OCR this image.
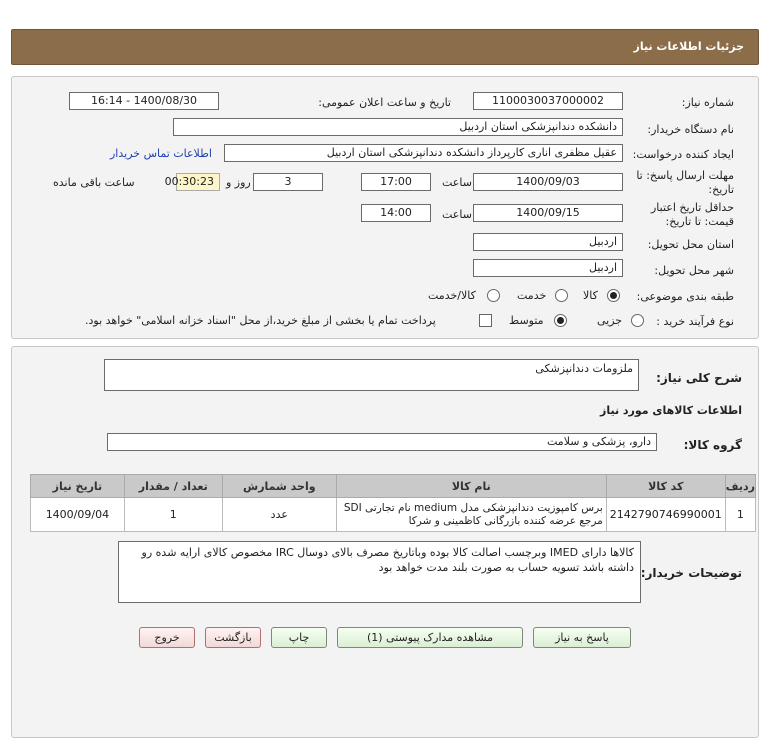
جزئیات اطلاعات نیاز
شماره نیاز:
1100030037000002
تاریخ و ساعت اعلان عمومی:
1400/08/30 - 16:14
نام دستگاه خریدار:
دانشکده دندانپزشکی استان اردبیل
ایجاد کننده درخواست:
عقیل مظفری اناری کارپرداز دانشکده دندانپزشکی استان اردبیل
اطلاعات تماس خریدار
مهلت ارسال پاسخ: تا
تاریخ:
1400/09/03
ساعت
17:00
3
روز و
00:30:23
ساعت باقی مانده
حداقل تاریخ اعتبار
قیمت: تا تاریخ:
1400/09/15
ساعت
14:00
استان محل تحویل:
اردبیل
شهر محل تحویل:
اردبیل
طبقه بندی موضوعی:
کالا
خدمت
کالا/خدمت
نوع فرآیند خرید :
جزیی
متوسط
پرداخت تمام یا بخشی از مبلغ خرید،از محل "اسناد خزانه اسلامی" خواهد بود.
شرح کلی نیاز:
ملزومات دندانپزشکی
اطلاعات کالاهای مورد نیاز
گروه کالا:
دارو، پزشکی و سلامت
ردیف	کد کالا	نام کالا	واحد شمارش	تعداد / مقدار	تاریخ نیاز
1	2142790746990001	برس کامپوزیت دندانپزشکی مدل medium نام تجارتی SDI مرجع عرضه کننده بازرگانی کاظمینی و شرکا	عدد	1	1400/09/04
توضیحات خریدار:
کالاها دارای IMED وبرچسب اصالت کالا بوده وباتاریخ مصرف بالای دوسال IRC مخصوص کالای ارایه شده رو داشته باشد تسویه حساب به صورت بلند مدت خواهد بود
پاسخ به نیاز
مشاهده مدارک پیوستی (1)
چاپ
بازگشت
خروج
